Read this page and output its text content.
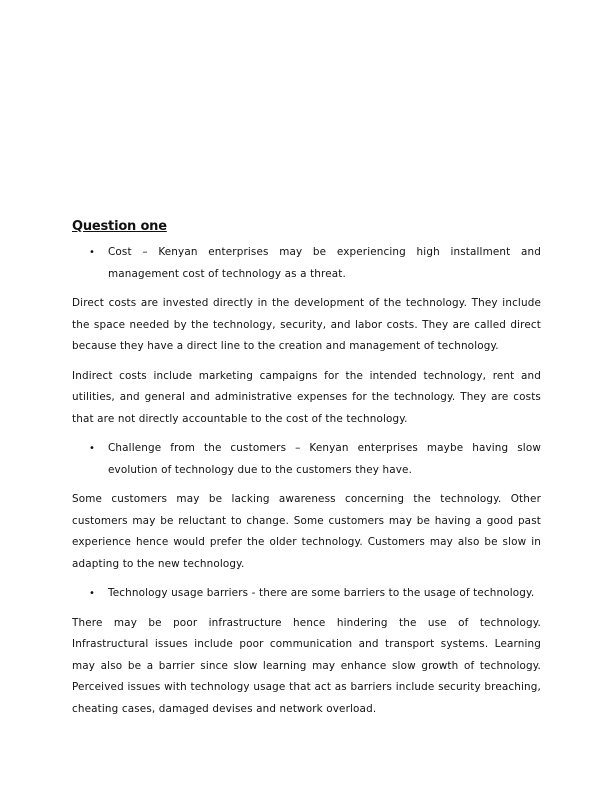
Question one
• Cost – Kenyan enterprises may be experiencing high installment and management cost of technology as a threat.

Direct costs are invested directly in the development of the technology. They include the space needed by the technology, security, and labor costs. They are called direct because they have a direct line to the creation and management of technology.

Indirect costs include marketing campaigns for the intended technology, rent and utilities, and general and administrative expenses for the technology. They are costs that are not directly accountable to the cost of the technology.

• Challenge from the customers – Kenyan enterprises maybe having slow evolution of technology due to the customers they have.

Some customers may be lacking awareness concerning the technology. Other customers may be reluctant to change. Some customers may be having a good past experience hence would prefer the older technology. Customers may also be slow in adapting to the new technology.

• Technology usage barriers - there are some barriers to the usage of technology.

There may be poor infrastructure hence hindering the use of technology. Infrastructural issues include poor communication and transport systems. Learning may also be a barrier since slow learning may enhance slow growth of technology. Perceived issues with technology usage that act as barriers include security breaching, cheating cases, damaged devises and network overload.
